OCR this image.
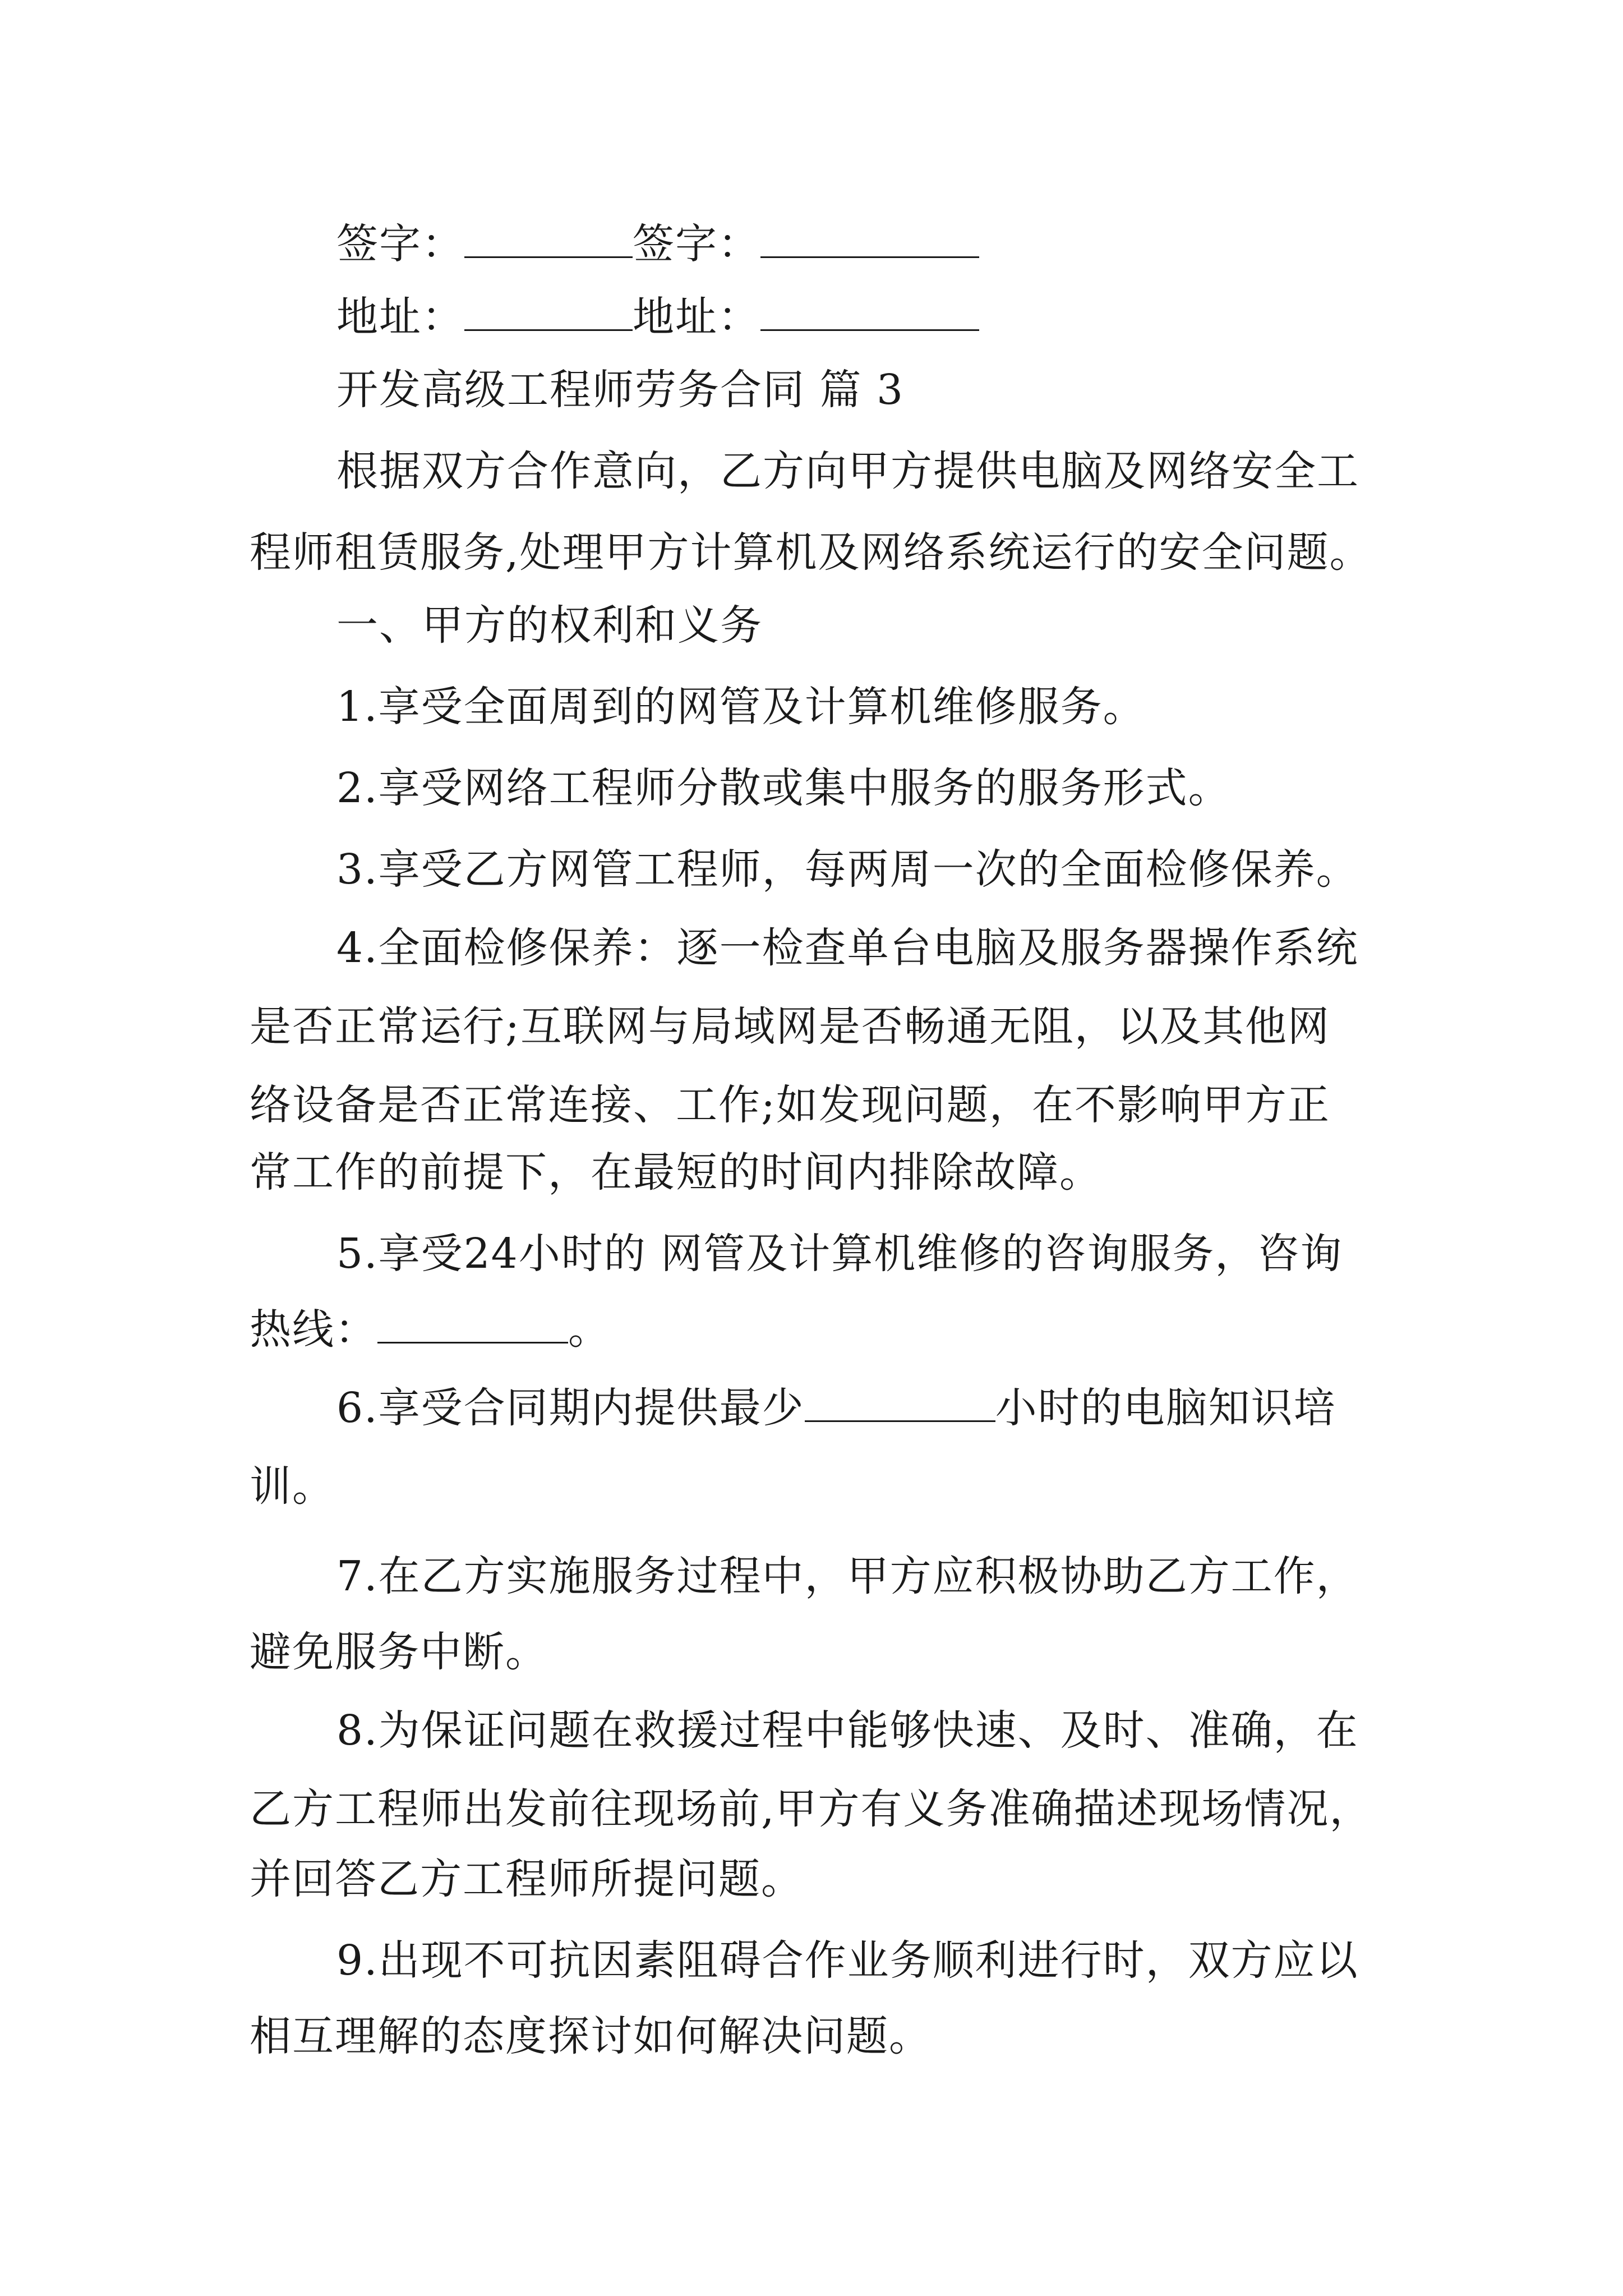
签字：	签字：
地址：	地址：
开发高级工程师劳务合同 篇 3
根据双方合作意向，乙方向甲方提供电脑及网络安全工
程师租赁服务,处理甲方计算机及网络系统运行的安全问题。
一、甲方的权利和义务
1.享受全面周到的网管及计算机维修服务。
2.享受网络工程师分散或集中服务的服务形式。
3.享受乙方网管工程师，每两周一次的全面检修保养。
4.全面检修保养：逐一检查单台电脑及服务器操作系统
是否正常运行;互联网与局域网是否畅通无阻，以及其他网
络设备是否正常连接、工作;如发现问题，在不影响甲方正
常工作的前提下，在最短的时间内排除故障。
5.享受24小时的 网管及计算机维修的咨询服务，咨询
热线：	。
6.享受合同期内提供最少	小时的电脑知识培
训。
7.在乙方实施服务过程中，甲方应积极协助乙方工作，
避免服务中断。
8.为保证问题在救援过程中能够快速、及时、准确，在
乙方工程师出发前往现场前,甲方有义务准确描述现场情况，
并回答乙方工程师所提问题。
9.出现不可抗因素阻碍合作业务顺利进行时，双方应以
相互理解的态度探讨如何解决问题。
